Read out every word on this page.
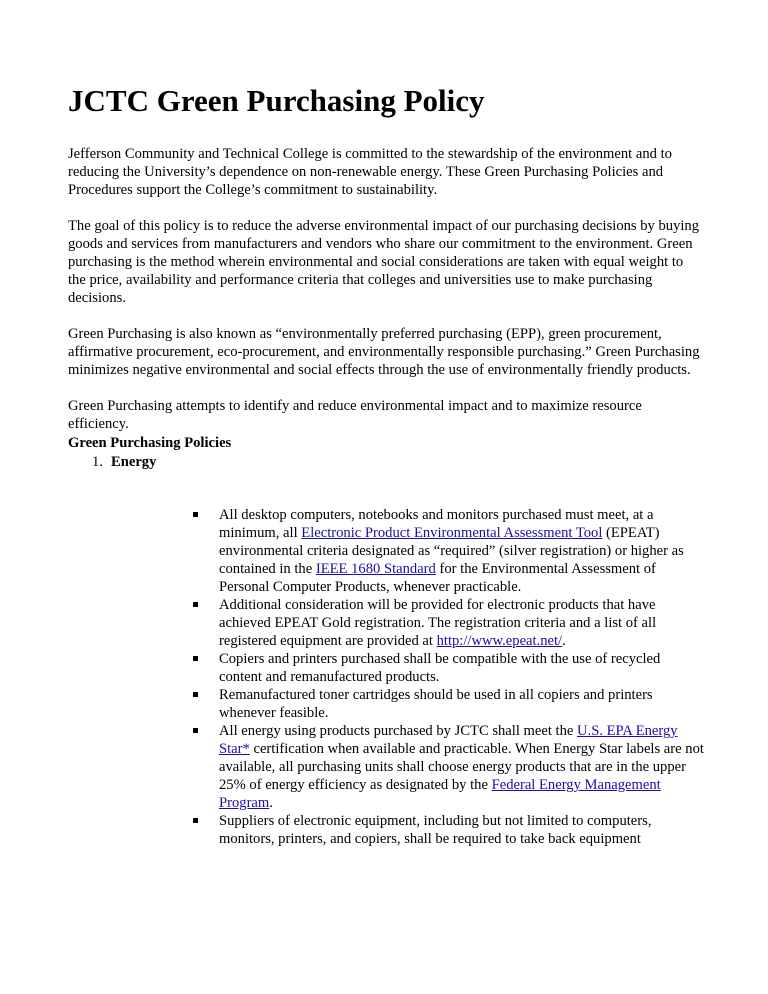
JCTC Green Purchasing Policy

Jefferson Community and Technical College is committed to the stewardship of the environment and to reducing the University’s dependence on non-renewable energy. These Green Purchasing Policies and Procedures support the College’s commitment to sustainability.

The goal of this policy is to reduce the adverse environmental impact of our purchasing decisions by buying goods and services from manufacturers and vendors who share our commitment to the environment. Green purchasing is the method wherein environmental and social considerations are taken with equal weight to the price, availability and performance criteria that colleges and universities use to make purchasing decisions.

Green Purchasing is also known as “environmentally preferred purchasing (EPP), green procurement, affirmative procurement, eco-procurement, and environmentally responsible purchasing.” Green Purchasing minimizes negative environmental and social effects through the use of environmentally friendly products.

Green Purchasing attempts to identify and reduce environmental impact and to maximize resource efficiency.

Green Purchasing Policies

1. Energy

All desktop computers, notebooks and monitors purchased must meet, at a minimum, all Electronic Product Environmental Assessment Tool (EPEAT) environmental criteria designated as “required” (silver registration) or higher as contained in the IEEE 1680 Standard for the Environmental Assessment of Personal Computer Products, whenever practicable.
Additional consideration will be provided for electronic products that have achieved EPEAT Gold registration. The registration criteria and a list of all registered equipment are provided at http://www.epeat.net/.
Copiers and printers purchased shall be compatible with the use of recycled content and remanufactured products.
Remanufactured toner cartridges should be used in all copiers and printers whenever feasible.
All energy using products purchased by JCTC shall meet the U.S. EPA Energy Star* certification when available and practicable. When Energy Star labels are not available, all purchasing units shall choose energy products that are in the upper 25% of energy efficiency as designated by the Federal Energy Management Program.
Suppliers of electronic equipment, including but not limited to computers, monitors, printers, and copiers, shall be required to take back equipment
